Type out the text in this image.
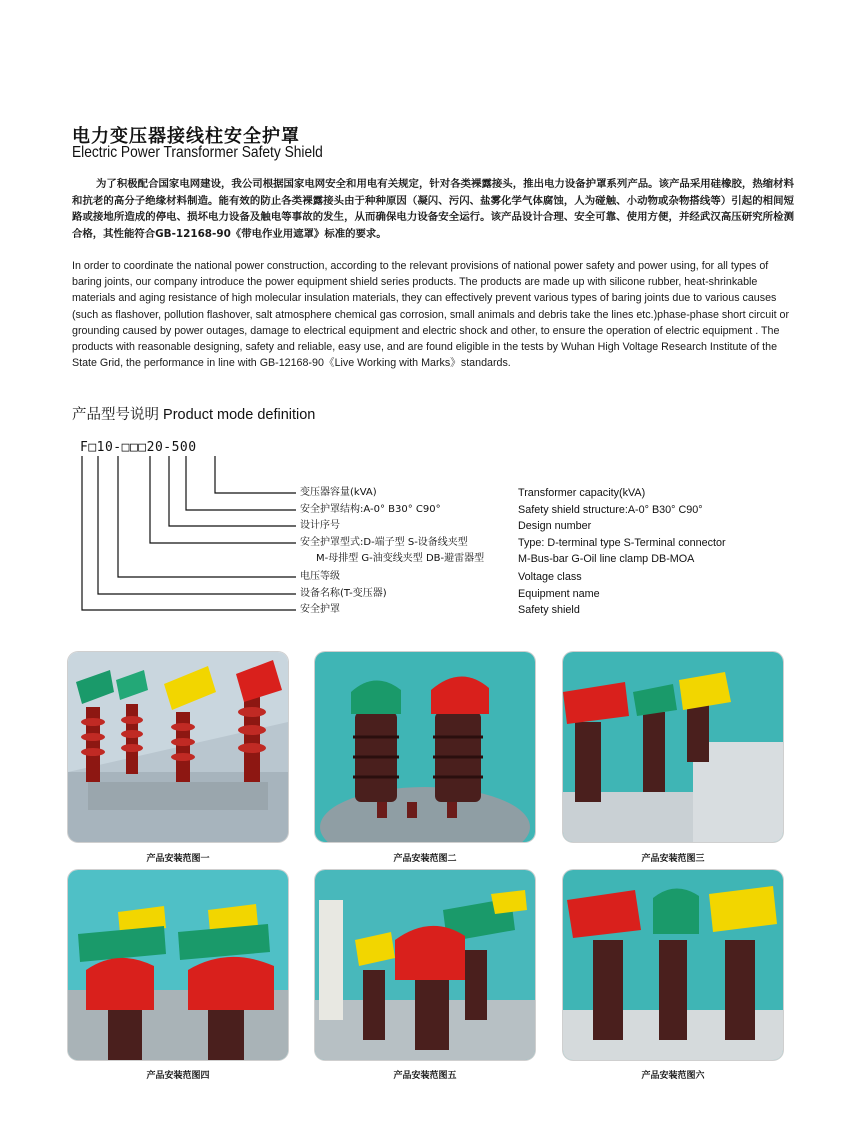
电力变压器接线柱安全护罩
Electric Power Transformer Safety Shield
为了积极配合国家电网建设，我公司根据国家电网安全和用电有关规定，针对各类裸露接头，推出电力设备护罩系列产品。该产品采用硅橡胶，热缩材料和抗老的高分子绝缘材料制造。能有效的防止各类裸露接头由于种种原因（凝闪、污闪、盐雾化学气体腐蚀，人为碰触、小动物或杂物搭线等）引起的相间短路或接地所造成的停电、损坏电力设备及触电等事故的发生，从而确保电力设备安全运行。该产品设计合理、安全可靠、使用方便，并经武汉高压研究所检测合格，其性能符合GB-12168-90《带电作业用遮罩》标准的要求。
In order to coordinate the national power construction, according to the relevant provisions of national power safety and power using, for all types of baring joints, our company introduce the power equipment shield series products. The products are made up with silicone rubber, heat-shrinkable materials and aging resistance of high molecular insulation materials, they can effectively prevent various types of baring joints due to various causes (such as flashover, pollution flashover, salt atmosphere chemical gas corrosion, small animals and debris take the lines etc.)phase-phase short circuit or grounding caused by power outages, damage to electrical equipment and electric shock and other, to ensure the operation of electric equipment . The products with reasonable designing, safety and reliable, easy use, and are found eligible in the tests by Wuhan High Voltage Research Institute of the State Grid, the performance in line with GB-12168-90《Live Working with Marks》standards.
产品型号说明 Product mode definition
F□10-□□□20-500
变压器容量(kVA)
安全护罩结构:A-0° B30° C90°
设计序号
安全护罩型式:D-端子型 S-设备线夹型
M-母排型 G-油变线夹型 DB-避雷器型
电压等级
设备名称(T-变压器)
安全护罩
Transformer capacity(kVA)
Safety shield structure:A-0° B30° C90°
Design number
Type: D-terminal type S-Terminal connector
M-Bus-bar G-Oil line clamp DB-MOA
Voltage class
Equipment name
Safety shield
产品安装范图一	产品安装范图二	产品安装范图三
产品安装范图四	产品安装范图五	产品安装范图六
